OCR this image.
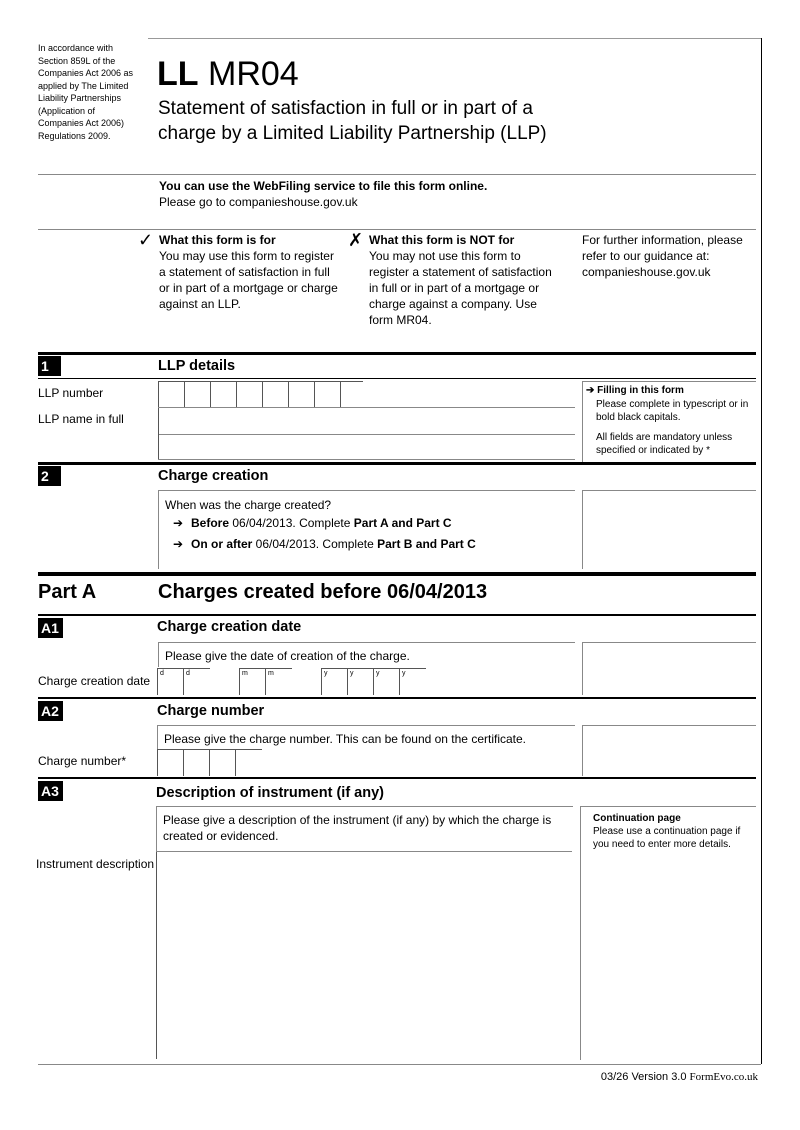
In accordance with
Section 859L of the
Companies Act 2006 as
applied by The Limited
Liability Partnerships
(Application of
Companies Act 2006)
Regulations 2009.
LL MR04
Statement of satisfaction in full or in part of a
charge by a Limited Liability Partnership (LLP)
You can use the WebFiling service to file this form online.
Please go to companieshouse.gov.uk
✓ What this form is for
You may use this form to register
a statement of satisfaction in full
or in part of a mortgage or charge
against an LLP.
✗ What this form is NOT for
You may not use this form to
register a statement of satisfaction
in full or in part of a mortgage or
charge against a company. Use
form MR04.
For further information, please
refer to our guidance at:
companieshouse.gov.uk
1	LLP details
LLP number
LLP name in full
➔ Filling in this form
Please complete in typescript or in
bold black capitals.
All fields are mandatory unless
specified or indicated by *
2	Charge creation
When was the charge created?
➔ Before 06/04/2013. Complete Part A and Part C
➔ On or after 06/04/2013. Complete Part B and Part C
Part A	Charges created before 06/04/2013
A1	Charge creation date
Please give the date of creation of the charge.
Charge creation date
d	d	m	m	y	y	y	y
A2	Charge number
Please give the charge number. This can be found on the certificate.
Charge number*
A3	Description of instrument (if any)
Please give a description of the instrument (if any) by which the charge is
created or evidenced.
Instrument description
Continuation page
Please use a continuation page if
you need to enter more details.
03/26 Version 3.0 FormEvo.co.uk
